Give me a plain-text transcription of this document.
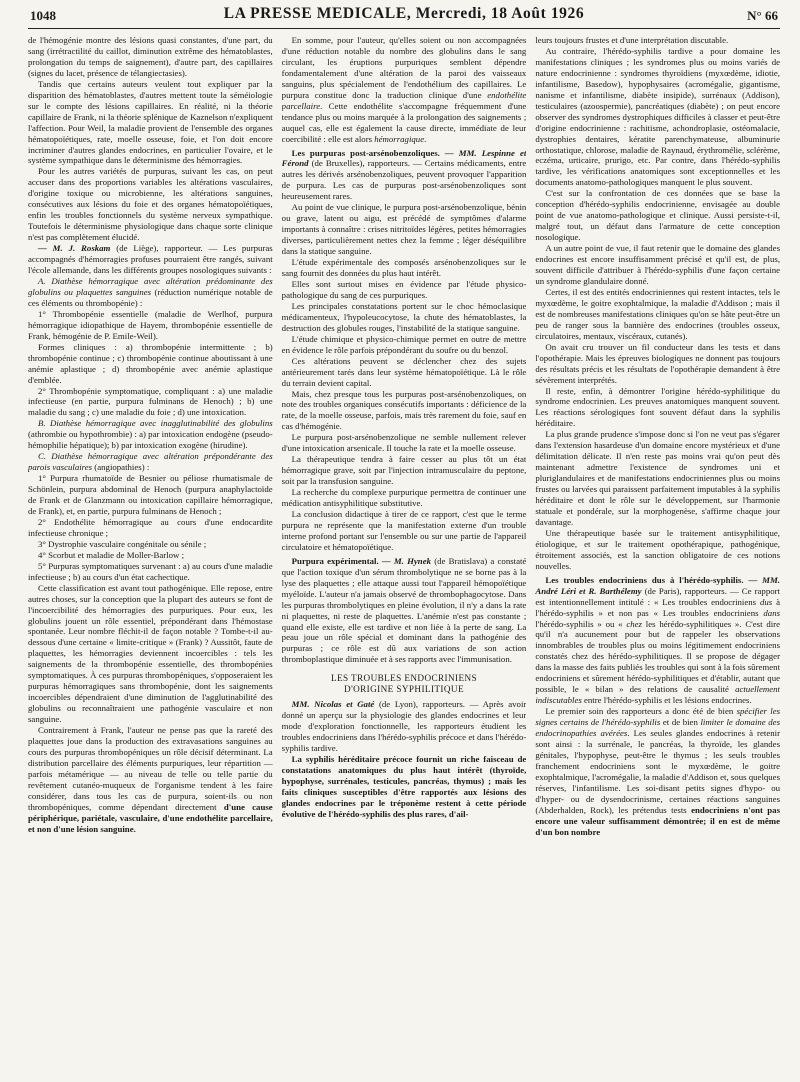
1048	LA PRESSE MEDICALE, Mercredi, 18 Août 1926	N° 66

de l'hémogénie montre des lésions quasi constantes, d'une part, du sang (irrétractilité du caillot, diminution extrême des hématoblastes, prolongation du temps de saignement), d'autre part, des capillaires (signes du lacet, présence de télangiectasies).

Tandis que certains auteurs veulent tout expliquer par la disparition des hématoblastes, d'autres mettent toute la séméiologie sur le compte des lésions capillaires. En réalité, ni la théorie capillaire de Frank, ni la théorie splénique de Kaznelson n'expliquent l'affection. Pour Weil, la maladie provient de l'ensemble des organes hématopoïétiques, rate, moelle osseuse, foie, et l'on doit encore incriminer d'autres glandes endocrines, en particulier l'ovaire, et le système sympathique dans le déterminisme des hémorragies.

Pour les autres variétés de purpuras, suivant les cas, on peut accuser dans des proportions variables les altérations vasculaires, d'origine toxique ou microbienne, les altérations sanguines, consécutives aux lésions du foie et des organes hématopoïétiques, enfin les troubles fonctionnels du système nerveux sympathique. Toutefois le déterminisme physiologique dans chaque sorte clinique n'est pas complètement élucidé.

— M. J. Roskam (de Liège), rapporteur. — Les purpuras accompagnés d'hémorragies profuses pourraient être rangés, suivant l'école allemande, dans les différents groupes nosologiques suivants :

A. Diathèse hémorragique avec altération prédominante des globulins ou plaquettes sanguines (réduction numérique notable de ces éléments ou thrombopénie) :

1° Thrombopénie essentielle (maladie de Werlhof, purpura hémorragique idiopathique de Hayem, thrombopénie essentielle de Frank, hémogénie de P. Emile-Weil).

Formes cliniques : a) thrombopénie intermittente ; b) thrombopénie continue ; c) thrombopénie continue aboutissant à une anémie aplastique ; d) thrombopénie avec anémie aplastique d'emblée.

2° Thrombopénie symptomatique, compliquant : a) une maladie infectieuse (en partie, purpura fulminans de Henoch) ; b) une maladie du sang ; c) une maladie du foie ; d) une intoxication.

B. Diathèse hémorragique avec inagglutinabilité des globulins (athrombie ou hypothrombie) : a) par intoxication endogène (pseudo-hémophilie hépatique); b) par intoxication exogène (hirudine).

C. Diathèse hémorragique avec altération prépondérante des parois vasculaires (angiopathies) :

1° Purpura rhumatoïde de Besnier ou péliose rhumatismale de Schönlein, purpura abdominal de Henoch (purpura anaphylactoïde de Frank et de Glanzmann ou intoxication capillaire hémorragique, de Frank), et, en partie, purpura fulminans de Henoch ;

2° Endothélite hémorragique au cours d'une endocardite infectieuse chronique ;

3° Dystrophie vasculaire congénitale ou sénile ;

4° Scorbut et maladie de Moller-Barlow ;

5° Purpuras symptomatiques survenant : a) au cours d'une maladie infectieuse ; b) au cours d'un état cachectique.

Cette classification est avant tout pathogénique. Elle repose, entre autres choses, sur la conception que la plupart des auteurs se font de l'incoercibilité des hémorragies des purpuriques. Pour eux, les globulins jouent un rôle essentiel, prépondérant dans l'hémostase spontanée. Leur nombre fléchit-il de façon notable ? Tombe-t-il au-dessous d'une certaine « limite-critique » (Frank) ? Aussitôt, faute de plaquettes, les hémorragies deviennent incoercibles : tels les saignements de la thrombopénie essentielle, des thrombopénies symptomatiques. À ces purpuras thrombopéniques, s'opposeraient les purpuras hémorragiques sans thrombopénie, dont les saignements incoercibles dépendraient d'une diminution de l'agglutinabilité des globulins ou reconnaîtraient une pathogénie vasculaire et non sanguine.

Contrairement à Frank, l'auteur ne pense pas que la rareté des plaquettes joue dans la production des extravasations sanguines au cours des purpuras thrombopéniques un rôle décisif déterminant. La distribution parcellaire des éléments purpuriques, leur répartition — parfois métamérique — au niveau de telle ou telle partie du revêtement cutanéo-muqueux de l'organisme tendent à les faire considérer, dans tous les cas de purpura, soient-ils ou non thrombopéniques, comme dépendant directement d'une cause périphérique, pariétale, vasculaire, d'une endothélite parcellaire, et non d'une lésion sanguine.

En somme, pour l'auteur, qu'elles soient ou non accompagnées d'une réduction notable du nombre des globulins dans le sang circulant, les éruptions purpuriques semblent dépendre fondamentalement d'une altération de la paroi des vaisseaux sanguins, plus spécialement de l'endothélium des capillaires. Le purpura constitue donc la traduction clinique d'une endothélite parcellaire. Cette endothélite s'accompagne fréquemment d'une tendance plus ou moins marquée à la prolongation des saignements ; auquel cas, elle est également la cause directe, immédiate de leur coercibilité : elle est alors hémorragique.

Les purpuras post-arsénobenzoliques. — MM. Lespinne et Férond (de Bruxelles), rapporteurs. — Certains médicaments, entre autres les dérivés arsénobenzoliques, peuvent provoquer l'apparition de purpura. Les cas de purpuras post-arsénobenzoliques sont heureusement rares.

Au point de vue clinique, le purpura post-arsénobenzolique, bénin ou grave, latent ou aigu, est précédé de symptômes d'alarme importants à connaître : crises nitritoïdes légères, petites hémorragies diverses, particulièrement nettes chez la femme ; léger déséquilibre dans la statique sanguine.

L'étude expérimentale des composés arsénobenzoliques sur le sang fournit des données du plus haut intérêt.

Elles sont surtout mises en évidence par l'étude physico-pathologique du sang de ces purpuriques.

Les principales constatations portent sur le choc hémoclasique médicamenteux, l'hypoleucocytose, la chute des hématoblastes, la destruction des globules rouges, l'instabilité de la statique sanguine.

L'étude chimique et physico-chimique permet en outre de mettre en évidence le rôle parfois prépondérant du soufre ou du benzol.

Ces altérations peuvent se déclencher chez des sujets antérieurement tarés dans leur système hématopoïétique. Là le rôle du terrain devient capital.

Mais, chez presque tous les purpuras post-arsénobenzoliques, on note des troubles organiques consécutifs importants : déficience de la rate, de la moelle osseuse, parfois, mais très rarement du foie, sauf en cas d'hémogénie.

Le purpura post-arsénobenzolique ne semble nullement relever d'une intoxication arsenicale. Il touche la rate et la moelle osseuse.

La thérapeutique tendra à faire cesser au plus tôt un état hémorragique grave, soit par l'injection intramusculaire du peptone, soit par la transfusion sanguine.

La recherche du complexe purpurique permettra de continuer une médication antisyphilitique substitutive.

La conclusion didactique à tirer de ce rapport, c'est que le terme purpura ne représente que la manifestation externe d'un trouble interne profond portant sur l'ensemble ou sur une partie de l'appareil circulatoire et hématopoïétique.

Purpura expérimental. — M. Hynek (de Bratislava) a constaté que l'action toxique d'un sérum thrombolytique ne se borne pas à la lyse des plaquettes ; elle attaque aussi tout l'appareil hémopoïétique myéloïde. L'auteur n'a jamais observé de thrombophagocytose. Dans les purpuras thrombolytiques en pleine évolution, il n'y a dans la rate ni plaquettes, ni reste de plaquettes. L'anémie n'est pas constante ; quand elle existe, elle est tardive et non liée à la perte de sang. La peau joue un rôle spécial et dominant dans la pathogénie des purpuras ; ce rôle est dû aux variations de son action thromboplastique diminuée et à ses rapports avec l'immunisation.

LES TROUBLES ENDOCRINIENS
D'ORIGINE SYPHILITIQUE

MM. Nicolas et Gaté (de Lyon), rapporteurs. — Après avoir donné un aperçu sur la physiologie des glandes endocrines et leur mode d'exploration fonctionnelle, les rapporteurs étudient les troubles endocriniens dans l'hérédo-syphilis précoce et dans l'hérédo-syphilis tardive.

La syphilis héréditaire précoce fournit un riche faisceau de constatations anatomiques du plus haut intérêt (thyroïde, hypophyse, surrénales, testicules, pancréas, thymus) ; mais les faits cliniques susceptibles d'être rapportés aux lésions des glandes endocrines par le tréponème restent à cette période évolutive de l'hérédo-syphilis des plus rares, d'ail-

leurs toujours frustes et d'une interprétation discutable.

Au contraire, l'hérédo-syphilis tardive a pour domaine les manifestations cliniques ; les syndromes plus ou moins variés de nature endocrinienne : syndromes thyroïdiens (myxœdème, idiotie, infantilisme, Basedow), hypophysaires (acromégalie, gigantisme, nanisme et infantilisme, diabète insipide), surrénaux (Addison), testiculaires (azoospermie), pancréatiques (diabète) ; on peut encore observer des syndromes dystrophiques difficiles à classer et peut-être d'origine endocrinienne : rachitisme, achondroplasie, ostéomalacie, dystrophies dentaires, kératite parenchymateuse, albuminurie orthostatique, chlorose, maladie de Raynaud, érythromélie, sclérème, eczéma, urticaire, prurigo, etc. Par contre, dans l'hérédo-syphilis tardive, les vérifications anatomiques sont exceptionnelles et les documents anatomo-pathologiques manquent le plus souvent.

C'est sur la confrontation de ces données que se base la conception d'hérédo-syphilis endocrinienne, envisagée au double point de vue anatomo-pathologique et clinique. Aussi persiste-t-il, malgré tout, un défaut dans l'armature de cette conception nosologique.

A un autre point de vue, il faut retenir que le domaine des glandes endocrines est encore insuffisamment précisé et qu'il est, de plus, souvent difficile d'attribuer à l'hérédo-syphilis d'une façon certaine un syndrome glandulaire donné.

Certes, il est des entités endocriniennes qui restent intactes, tels le myxœdème, le goitre exophtalmique, la maladie d'Addison ; mais il est de nombreuses manifestations cliniques qu'on se hâte peut-être un peu de ranger sous la bannière des endocrines (troubles osseux, circulatoires, mentaux, viscéraux, cutanés).

On avait cru trouver un fil conducteur dans les tests et dans l'opothérapie. Mais les épreuves biologiques ne donnent pas toujours des résultats précis et les résultats de l'opothérapie demandent à être sévèrement interprétés.

Il reste, enfin, à démontrer l'origine hérédo-syphilitique du syndrome endocrinien. Les preuves anatomiques manquent souvent. Les réactions sérologiques font souvent défaut dans la syphilis héréditaire.

La plus grande prudence s'impose donc si l'on ne veut pas s'égarer dans l'extension hasardeuse d'un domaine encore mystérieux et d'une délimitation délicate. Il n'en reste pas moins vrai qu'on peut dès maintenant admettre l'existence de syndromes uni et pluriglandulaires et de manifestations endocriniennes plus ou moins frustes ou larvées qui paraissent parfaitement imputables à la syphilis héréditaire et dont le rôle sur le développement, sur l'harmonie statuale et pondérale, sur la morphogenèse, s'affirme chaque jour davantage.

Une thérapeutique basée sur le traitement antisyphilitique, étiologique, et sur le traitement opothérapique, pathogénique, étroitement associés, est la sanction obligatoire de ces notions nouvelles.

Les troubles endocriniens dus à l'hérédo-syphilis. — MM. André Léri et R. Barthélemy (de Paris), rapporteurs. — Ce rapport est intentionnellement intitulé : « Les troubles endocriniens dus à l'hérédo-syphilis » et non pas « Les troubles endocriniens dans l'hérédo-syphilis » ou « chez les hérédo-syphilitiques ». C'est dire qu'il n'a aucunement pour but de rappeler les observations innombrables de troubles plus ou moins légitimement endocriniens constatés chez des hérédo-syphilitiques. Il se propose de dégager dans la masse des faits publiés les troubles qui sont à la fois sûrement endocriniens et sûrement hérédo-syphilitiques et d'établir, autant que possible, le « bilan » des relations de causalité actuellement indiscutables entre l'hérédo-syphilis et les lésions endocrines.

Le premier soin des rapporteurs a donc été de bien spécifier les signes certains de l'hérédo-syphilis et de bien limiter le domaine des endocrinopathies avérées. Les seules glandes endocrines à retenir sont ainsi : la surrénale, le pancréas, la thyroïde, les glandes génitales, l'hypophyse, peut-être le thymus ; les seuls troubles franchement endocriniens sont le myxœdème, le goitre exophtalmique, l'acromégalie, la maladie d'Addison et, sous quelques réserves, l'infantilisme. Les soi-disant petits signes d'hypo- ou d'hyper- ou de dysendocrinisme, certaines réactions sanguines (Abderhalden, Rock), les prétendus tests endocriniens n'ont pas encore une valeur suffisamment démontrée; il en est de même d'un bon nombre
